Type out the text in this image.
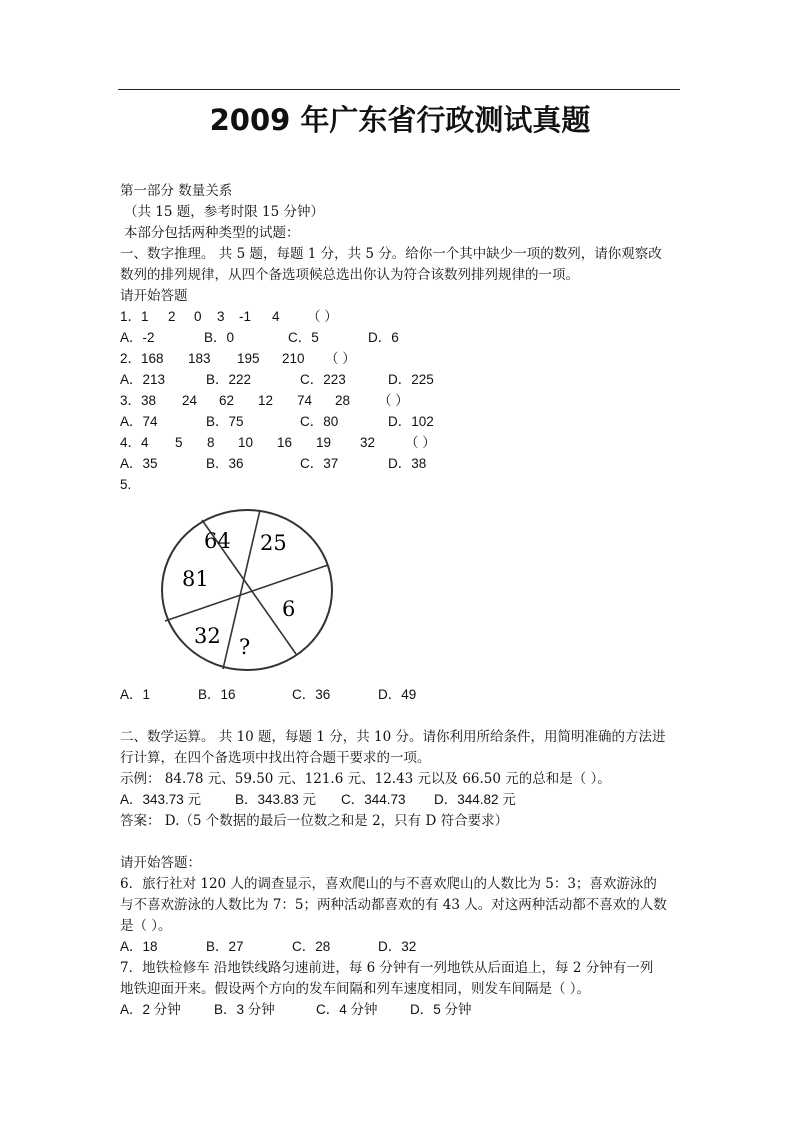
2009 年广东省行政测试真题
第一部分 数量关系
（共 15 题，参考时限 15 分钟）
本部分包括两种类型的试题：
一、数字推理。 共 5 题，每题 1 分，共 5 分。给你一个其中缺少一项的数列，请你观察改
数列的排列规律，从四个备选项候总选出你认为符合该数列排列规律的一项。
请开始答题
1．1 2 0 3 -1 4 （ ）
A．-2	B．0	C．5	D．6
2．168 183 195 210 （ ）
A．213	B．222	C．223	D．225
3．38 24 62 12 74 28 （ ）
A．74	B．75	C．80	D．102
4．4 5 8 10 16 19 32 （ ）
A．35	B．36	C．37	D．38
5.
64 25
6
?
32
81
A．1	B．16	C．36	D．49
二、数学运算。 共 10 题，每题 1 分，共 10 分。请你利用所给条件，用简明准确的方法进
行计算，在四个备选项中找出符合题干要求的一项。
示例： 84.78 元、59.50 元、121.6 元、12.43 元以及 66.50 元的总和是（ ）。
A．343.73 元	B．343.83 元 C．344.73 D．344.82 元
答案： D.（5 个数据的最后一位数之和是 2，只有 D 符合要求）
请开始答题：
6．旅行社对 120 人的调查显示，喜欢爬山的与不喜欢爬山的人数比为 5：3；喜欢游泳的
与不喜欢游泳的人数比为 7：5；两种活动都喜欢的有 43 人。对这两种活动都不喜欢的人数
是（ ）。
A．18	B．27	C．28	D．32
7．地铁检修车 沿地铁线路匀速前进，每 6 分钟有一列地铁从后面追上，每 2 分钟有一列
地铁迎面开来。假设两个方向的发车间隔和列车速度相同，则发车间隔是（ ）。
A．2 分钟 B．3 分钟	C．4 分钟 D．5 分钟
